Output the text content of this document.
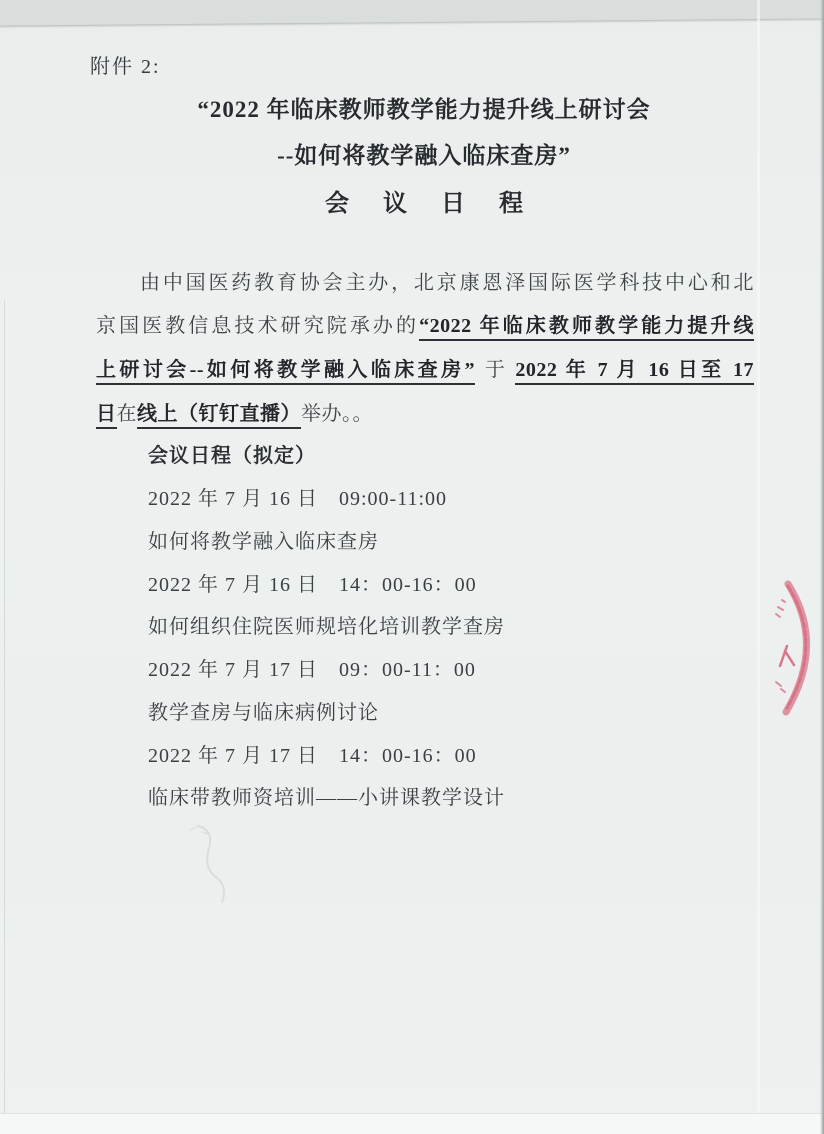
附件 2:
“2022 年临床教师教学能力提升线上研讨会
--如何将教学融入临床查房”
会 议 日 程
由中国医药教育协会主办，北京康恩泽国际医学科技中心和北
京国医教信息技术研究院承办的“2022 年临床教师教学能力提升线
上研讨会--如何将教学融入临床查房” 于 2022 年 7 月 16 日至 17
日在线上（钉钉直播）举办。。
会议日程（拟定）
2022 年 7 月 16 日　09:00-11:00
如何将教学融入临床查房
2022 年 7 月 16 日　14：00-16：00
如何组织住院医师规培化培训教学查房
2022 年 7 月 17 日　09：00-11：00
教学查房与临床病例讨论
2022 年 7 月 17 日　14：00-16：00
临床带教师资培训——小讲课教学设计
